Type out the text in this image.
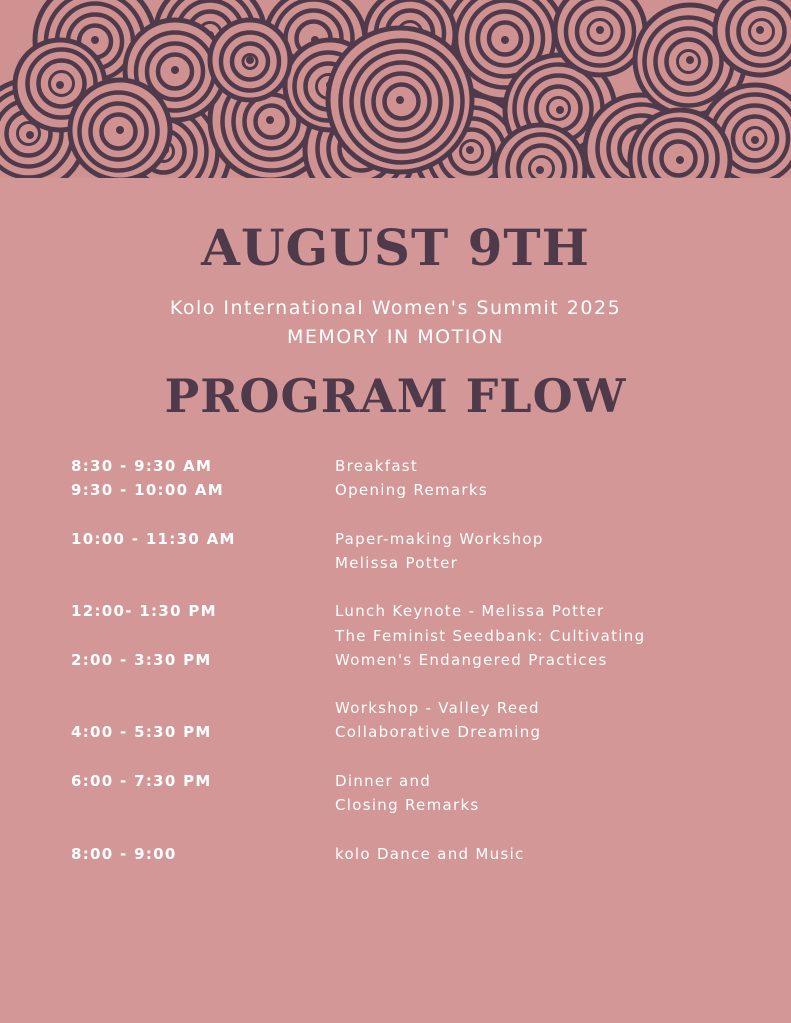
AUGUST 9TH
Kolo International Women's Summit 2025
MEMORY IN MOTION
PROGRAM FLOW
8:30 - 9:30 AM	Breakfast
9:30 - 10:00 AM	Opening Remarks
10:00 - 11:30 AM	Paper-making Workshop
Melissa Potter
12:00- 1:30 PM	Lunch Keynote - Melissa Potter
The Feminist Seedbank: Cultivating
2:00 - 3:30 PM	Women's Endangered Practices
Workshop - Valley Reed
4:00 - 5:30 PM	Collaborative Dreaming
6:00 - 7:30 PM	Dinner and
Closing Remarks
8:00 - 9:00	kolo Dance and Music
